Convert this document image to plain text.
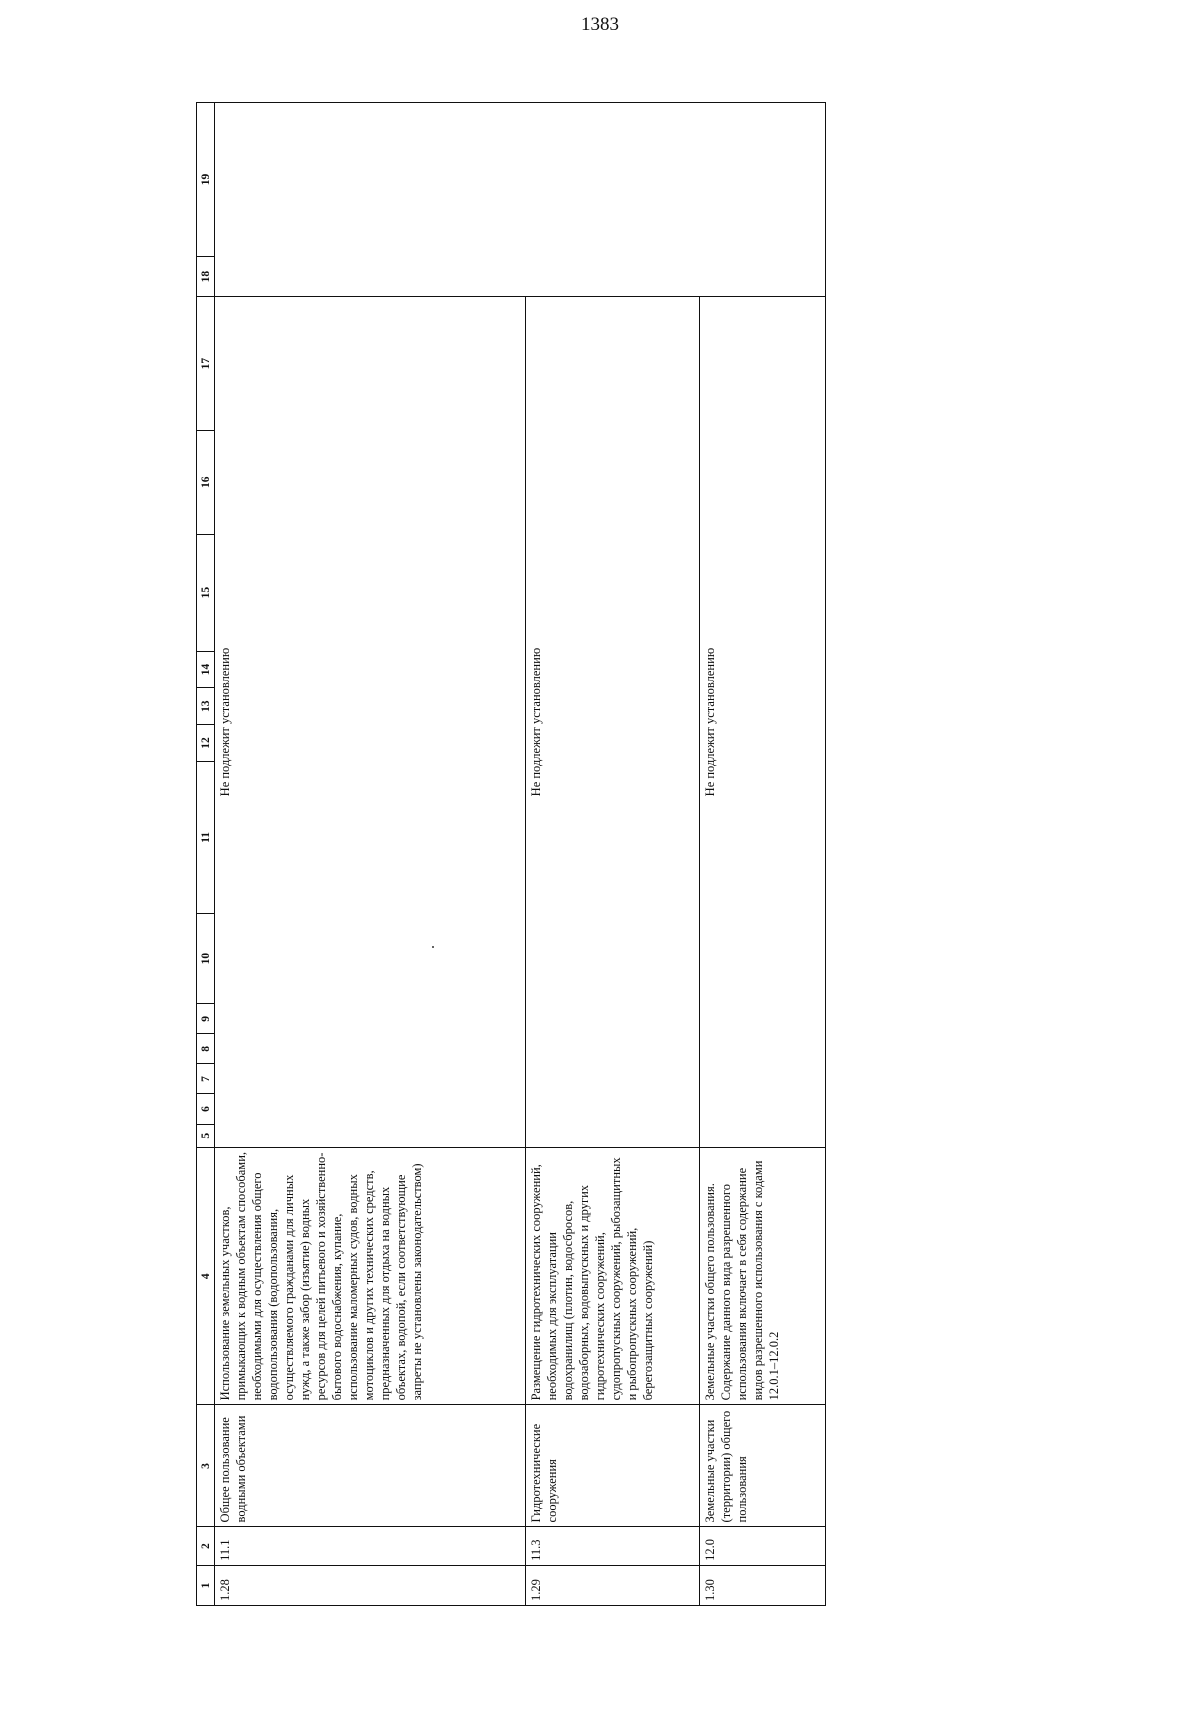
1383
1	2	3	4	5	6	7	8	9	10	11	12	13	14	15	16	17	18	19
1.28	11.1	Общее пользование водными объектами	Использование земельных участков, примыкающих к водным объектам способами, необходимыми для осуществления общего водопользования (водопользования, осуществляемого гражданами для личных нужд, а также забор (изъятие) водных ресурсов для целей питьевого и хозяйственно-бытового водоснабжения, купание, использование маломерных судов, водных мотоциклов и других технических средств, предназначенных для отдыха на водных объектах, водопой, если соответствующие запреты не установлены законодательством)	Не подлежит установлению														
1.29	11.3	Гидротехнические сооружения	Размещение гидротехнических сооружений, необходимых для эксплуатации водохранилищ (плотин, водосбросов, водозаборных, водовыпускных и других гидротехнических сооружений, судопропускных сооружений, рыбозащитных и рыбопропускных сооружений, берегозащитных сооружений)	Не подлежит установлению														
1.30	12.0	Земельные участки (территории) общего пользования	Земельные участки общего пользования. Содержание данного вида разрешенного использования включает в себя содержание видов разрешенного использования с кодами 12.0.1–12.0.2	Не подлежит установлению														
